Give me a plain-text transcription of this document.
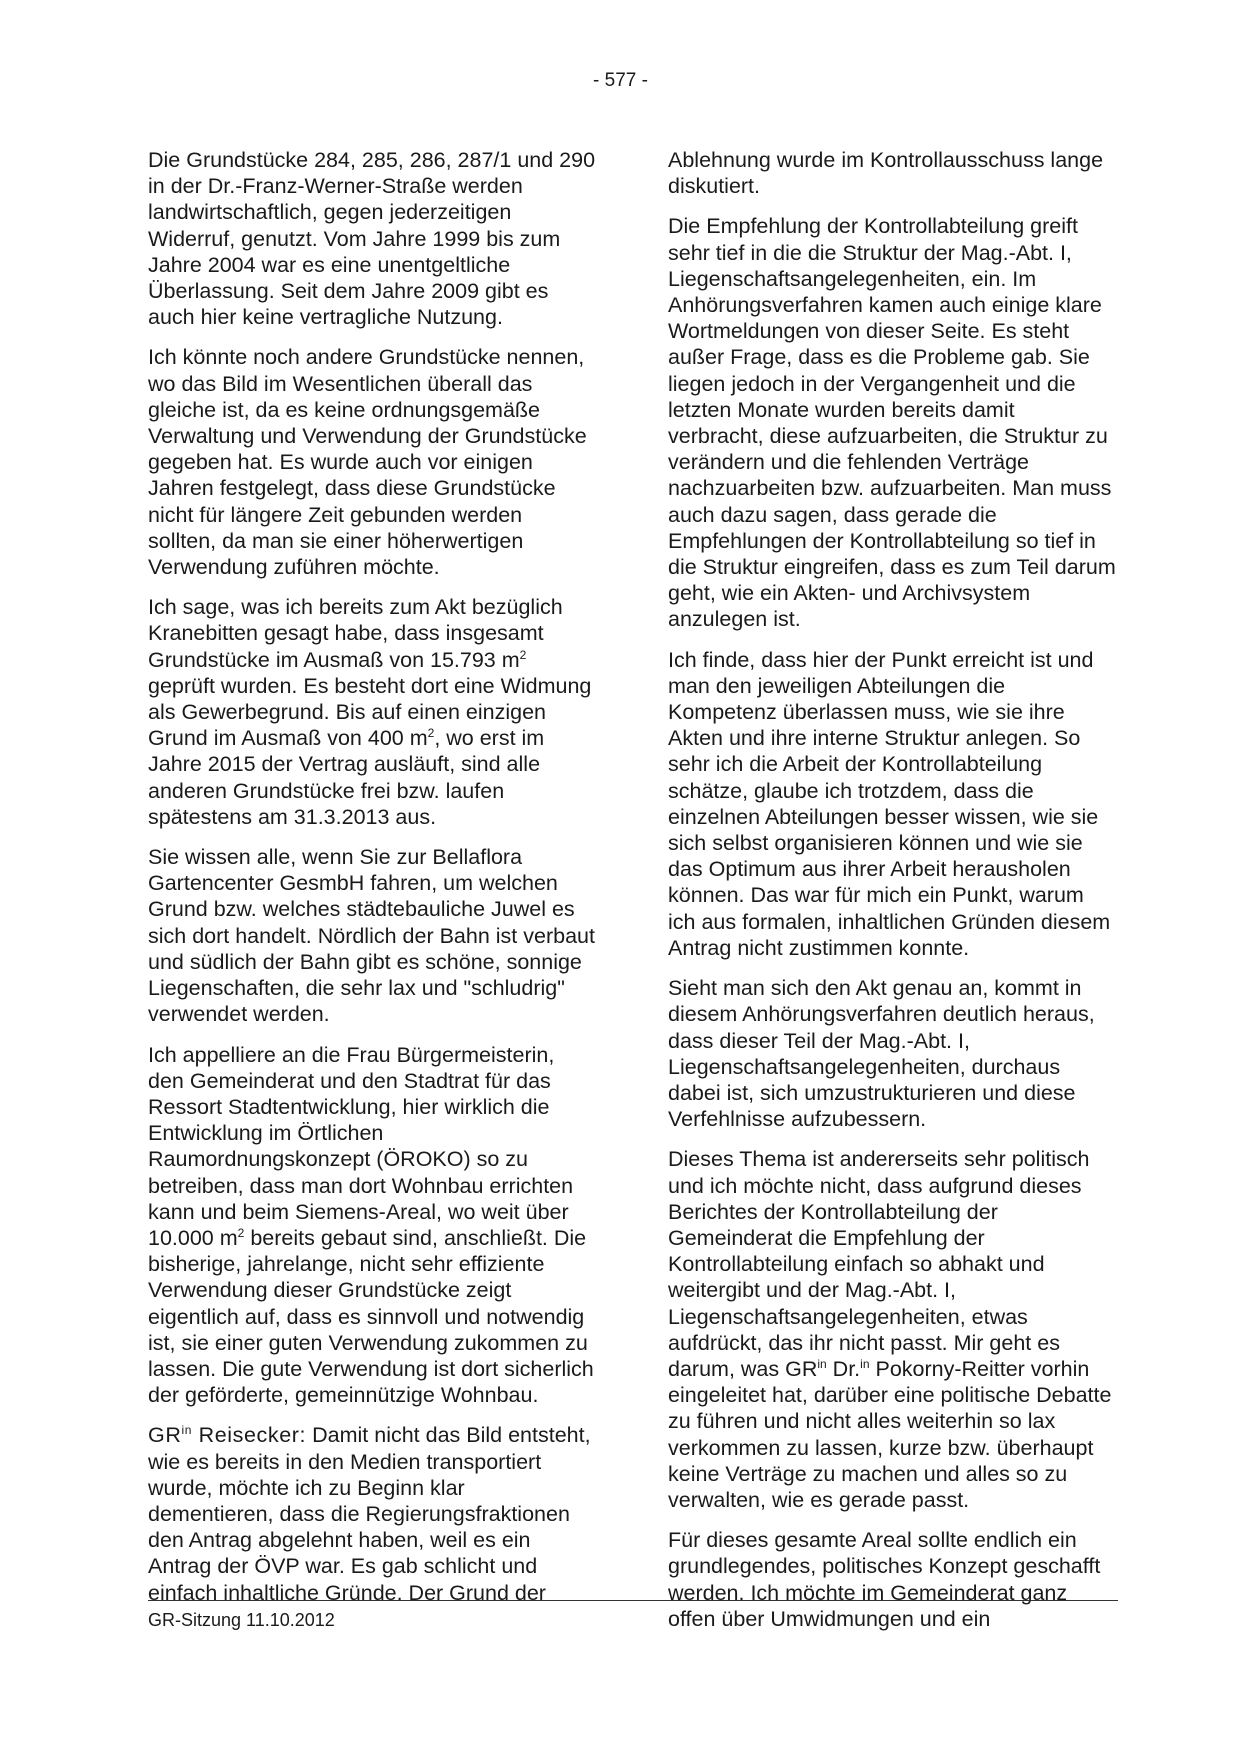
- 577 -

Die Grundstücke 284, 285, 286, 287/1 und 290 in der Dr.-Franz-Werner-Straße werden landwirtschaftlich, gegen jederzeitigen Widerruf, genutzt. Vom Jahre 1999 bis zum Jahre 2004 war es eine unentgeltliche Überlassung. Seit dem Jahre 2009 gibt es auch hier keine vertragliche Nutzung.

Ich könnte noch andere Grundstücke nennen, wo das Bild im Wesentlichen überall das gleiche ist, da es keine ordnungsgemäße Verwaltung und Verwendung der Grundstücke gegeben hat. Es wurde auch vor einigen Jahren festgelegt, dass diese Grundstücke nicht für längere Zeit gebunden werden sollten, da man sie einer höherwertigen Verwendung zuführen möchte.

Ich sage, was ich bereits zum Akt bezüglich Kranebitten gesagt habe, dass insgesamt Grundstücke im Ausmaß von 15.793 $m^2$ geprüft wurden. Es besteht dort eine Widmung als Gewerbegrund. Bis auf einen einzigen Grund im Ausmaß von 400 $m^2$, wo erst im Jahre 2015 der Vertrag ausläuft, sind alle anderen Grundstücke frei bzw. laufen spätestens am 31.3.2013 aus.

Sie wissen alle, wenn Sie zur Bellaflora Gartencenter GesmbH fahren, um welchen Grund bzw. welches städtebauliche Juwel es sich dort handelt. Nördlich der Bahn ist verbaut und südlich der Bahn gibt es schöne, sonnige Liegenschaften, die sehr lax und "schludrig" verwendet werden.

Ich appelliere an die Frau Bürgermeisterin, den Gemeinderat und den Stadtrat für das Ressort Stadtentwicklung, hier wirklich die Entwicklung im Örtlichen Raumordnungskonzept (ÖROKO) so zu betreiben, dass man dort Wohnbau errichten kann und beim Siemens-Areal, wo weit über 10.000 $m^2$ bereits gebaut sind, anschließt. Die bisherige, jahrelange, nicht sehr effiziente Verwendung dieser Grundstücke zeigt eigentlich auf, dass es sinnvoll und notwendig ist, sie einer guten Verwendung zukommen zu lassen. Die gute Verwendung ist dort sicherlich der geförderte, gemeinnützige Wohnbau.

$GR^{in}$ Reisecker: Damit nicht das Bild entsteht, wie es bereits in den Medien transportiert wurde, möchte ich zu Beginn klar dementieren, dass die Regierungsfraktionen den Antrag abgelehnt haben, weil es ein Antrag der ÖVP war. Es gab schlicht und einfach inhaltliche Gründe. Der Grund der

Ablehnung wurde im Kontrollausschuss lange diskutiert.

Die Empfehlung der Kontrollabteilung greift sehr tief in die die Struktur der Mag.-Abt. I, Liegenschaftsangelegenheiten, ein. Im Anhörungsverfahren kamen auch einige klare Wortmeldungen von dieser Seite. Es steht außer Frage, dass es die Probleme gab. Sie liegen jedoch in der Vergangenheit und die letzten Monate wurden bereits damit verbracht, diese aufzuarbeiten, die Struktur zu verändern und die fehlenden Verträge nachzuarbeiten bzw. aufzuarbeiten. Man muss auch dazu sagen, dass gerade die Empfehlungen der Kontrollabteilung so tief in die Struktur eingreifen, dass es zum Teil darum geht, wie ein Akten- und Archivsystem anzulegen ist.

Ich finde, dass hier der Punkt erreicht ist und man den jeweiligen Abteilungen die Kompetenz überlassen muss, wie sie ihre Akten und ihre interne Struktur anlegen. So sehr ich die Arbeit der Kontrollabteilung schätze, glaube ich trotzdem, dass die einzelnen Abteilungen besser wissen, wie sie sich selbst organisieren können und wie sie das Optimum aus ihrer Arbeit herausholen können. Das war für mich ein Punkt, warum ich aus formalen, inhaltlichen Gründen diesem Antrag nicht zustimmen konnte.

Sieht man sich den Akt genau an, kommt in diesem Anhörungsverfahren deutlich heraus, dass dieser Teil der Mag.-Abt. I, Liegenschaftsangelegenheiten, durchaus dabei ist, sich umzustrukturieren und diese Verfehlnisse aufzubessern.

Dieses Thema ist andererseits sehr politisch und ich möchte nicht, dass aufgrund dieses Berichtes der Kontrollabteilung der Gemeinderat die Empfehlung der Kontrollabteilung einfach so abhakt und weitergibt und der Mag.-Abt. I, Liegenschaftsangelegenheiten, etwas aufdrückt, das ihr nicht passt. Mir geht es darum, was $GR^{in}$ Dr.$^{in}$ Pokorny-Reitter vorhin eingeleitet hat, darüber eine politische Debatte zu führen und nicht alles weiterhin so lax verkommen zu lassen, kurze bzw. überhaupt keine Verträge zu machen und alles so zu verwalten, wie es gerade passt.

Für dieses gesamte Areal sollte endlich ein grundlegendes, politisches Konzept geschafft werden. Ich möchte im Gemeinderat ganz offen über Umwidmungen und ein

GR-Sitzung 11.10.2012
